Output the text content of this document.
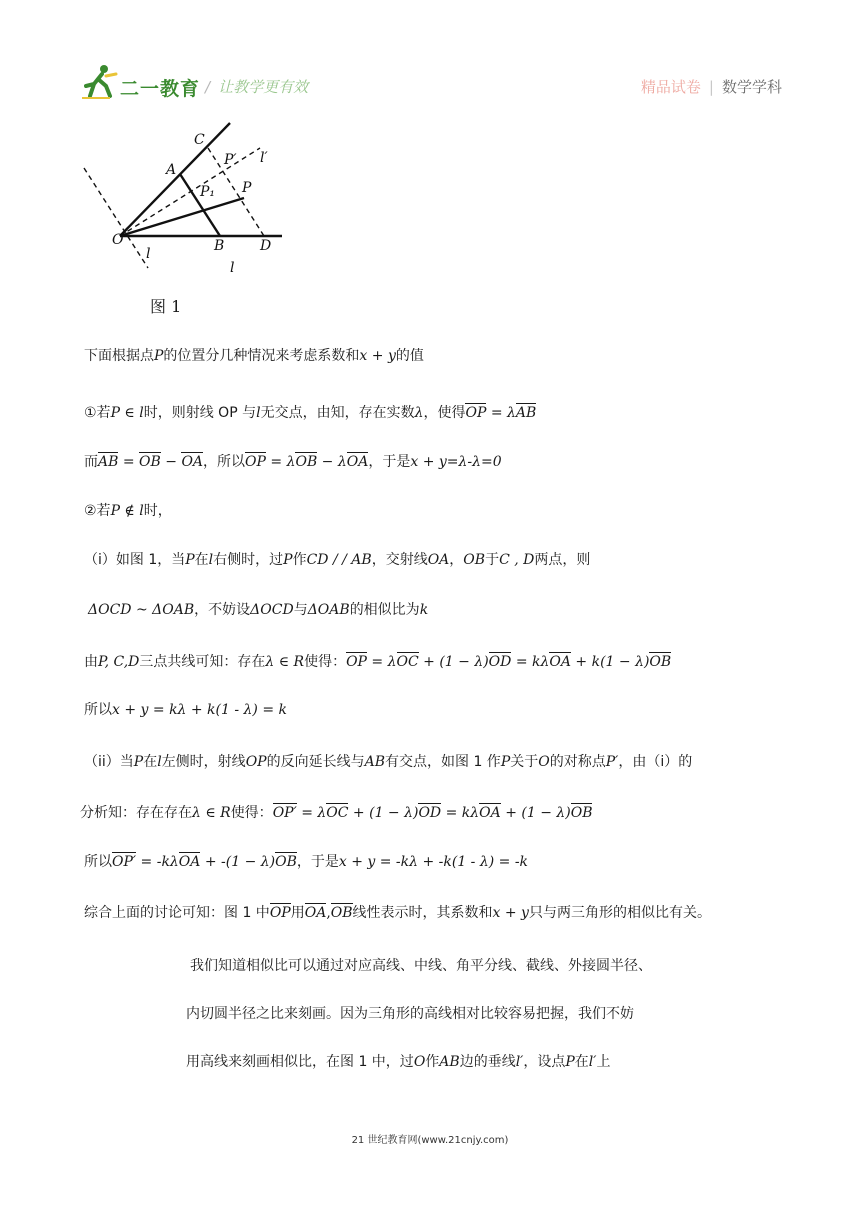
二一教育 / 让教学更有效	精品试卷 | 数学学科
C
A
P₁
P′ l′
P
O
l	B	D
l
图 1
下面根据点P的位置分几种情况来考虑系数和x + y的值
①若P ∈ l时，则射线 OP 与l无交点，由知，存在实数λ，使得OP = λAB
而AB = OB − OA，所以OP = λOB − λOA，于是x + y=λ-λ=0
②若P ∉ l时，
（i）如图 1，当P在l右侧时，过P作CD / / AB，交射线OA，OB于C , D两点，则
ΔOCD ~ ΔOAB，不妨设ΔOCD与ΔOAB的相似比为k
由P, C,D三点共线可知：存在λ ∈ R使得：OP = λOC + (1 − λ)OD = kλOA + k(1 − λ)OB
所以x + y = kλ + k(1 - λ) = k
（ii）当P在l左侧时，射线OP的反向延长线与AB有交点，如图 1 作P关于O的对称点P′，由（i）的
分析知：存在存在λ ∈ R使得：OP′ = λOC + (1 − λ)OD = kλOA + (1 − λ)OB
所以OP′ = -kλOA + -(1 − λ)OB，于是x + y = -kλ + -k(1 - λ) = -k
综合上面的讨论可知：图 1 中OP用OA,OB线性表示时，其系数和x + y只与两三角形的相似比有关。
我们知道相似比可以通过对应高线、中线、角平分线、截线、外接圆半径、
内切圆半径之比来刻画。因为三角形的高线相对比较容易把握，我们不妨
用高线来刻画相似比，在图 1 中，过O作AB边的垂线l′，设点P在l′上
21 世纪教育网(www.21cnjy.com)
